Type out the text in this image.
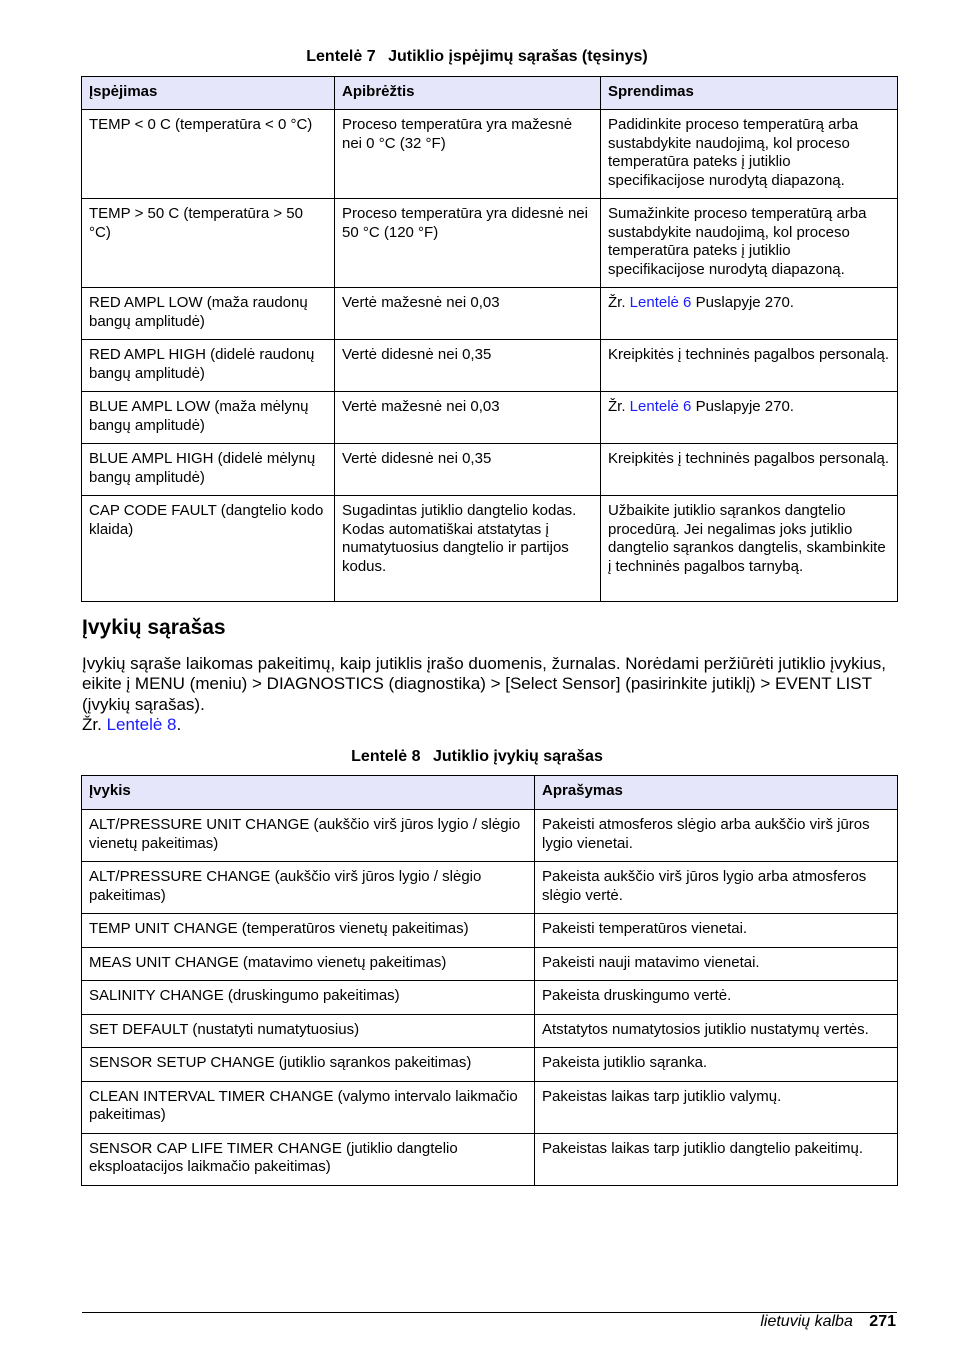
Lentelė 7 Jutiklio įspėjimų sąrašas (tęsinys)
Įspėjimas	Apibrėžtis	Sprendimas
TEMP < 0 C (temperatūra < 0 °C)	Proceso temperatūra yra mažesnė nei 0 °C (32 °F)	Padidinkite proceso temperatūrą arba sustabdykite naudojimą, kol proceso temperatūra pateks į jutiklio specifikacijose nurodytą diapazoną.
TEMP > 50 C (temperatūra > 50 °C)	Proceso temperatūra yra didesnė nei 50 °C (120 °F)	Sumažinkite proceso temperatūrą arba sustabdykite naudojimą, kol proceso temperatūra pateks į jutiklio specifikacijose nurodytą diapazoną.
RED AMPL LOW (maža raudonų bangų amplitudė)	Vertė mažesnė nei 0,03	Žr. Lentelė 6 Puslapyje 270.
RED AMPL HIGH (didelė raudonų bangų amplitudė)	Vertė didesnė nei 0,35	Kreipkitės į techninės pagalbos personalą.
BLUE AMPL LOW (maža mėlynų bangų amplitudė)	Vertė mažesnė nei 0,03	Žr. Lentelė 6 Puslapyje 270.
BLUE AMPL HIGH (didelė mėlynų bangų amplitudė)	Vertė didesnė nei 0,35	Kreipkitės į techninės pagalbos personalą.
CAP CODE FAULT (dangtelio kodo klaida)	Sugadintas jutiklio dangtelio kodas. Kodas automatiškai atstatytas į numatytuosius dangtelio ir partijos kodus.	Užbaikite jutiklio sąrankos dangtelio procedūrą. Jei negalimas joks jutiklio dangtelio sąrankos dangtelis, skambinkite į techninės pagalbos tarnybą.
Įvykių sąrašas
Įvykių sąraše laikomas pakeitimų, kaip jutiklis įrašo duomenis, žurnalas. Norėdami peržiūrėti jutiklio įvykius, eikite į MENU (meniu) > DIAGNOSTICS (diagnostika) > [Select Sensor] (pasirinkite jutiklį) > EVENT LIST (įvykių sąrašas).
Žr. Lentelė 8.
Lentelė 8 Jutiklio įvykių sąrašas
Įvykis	Aprašymas
ALT/PRESSURE UNIT CHANGE (aukščio virš jūros lygio / slėgio vienetų pakeitimas)	Pakeisti atmosferos slėgio arba aukščio virš jūros lygio vienetai.
ALT/PRESSURE CHANGE (aukščio virš jūros lygio / slėgio pakeitimas)	Pakeista aukščio virš jūros lygio arba atmosferos slėgio vertė.
TEMP UNIT CHANGE (temperatūros vienetų pakeitimas)	Pakeisti temperatūros vienetai.
MEAS UNIT CHANGE (matavimo vienetų pakeitimas)	Pakeisti nauji matavimo vienetai.
SALINITY CHANGE (druskingumo pakeitimas)	Pakeista druskingumo vertė.
SET DEFAULT (nustatyti numatytuosius)	Atstatytos numatytosios jutiklio nustatymų vertės.
SENSOR SETUP CHANGE (jutiklio sąrankos pakeitimas)	Pakeista jutiklio sąranka.
CLEAN INTERVAL TIMER CHANGE (valymo intervalo laikmačio pakeitimas)	Pakeistas laikas tarp jutiklio valymų.
SENSOR CAP LIFE TIMER CHANGE (jutiklio dangtelio eksploatacijos laikmačio pakeitimas)	Pakeistas laikas tarp jutiklio dangtelio pakeitimų.
lietuvių kalba 271
